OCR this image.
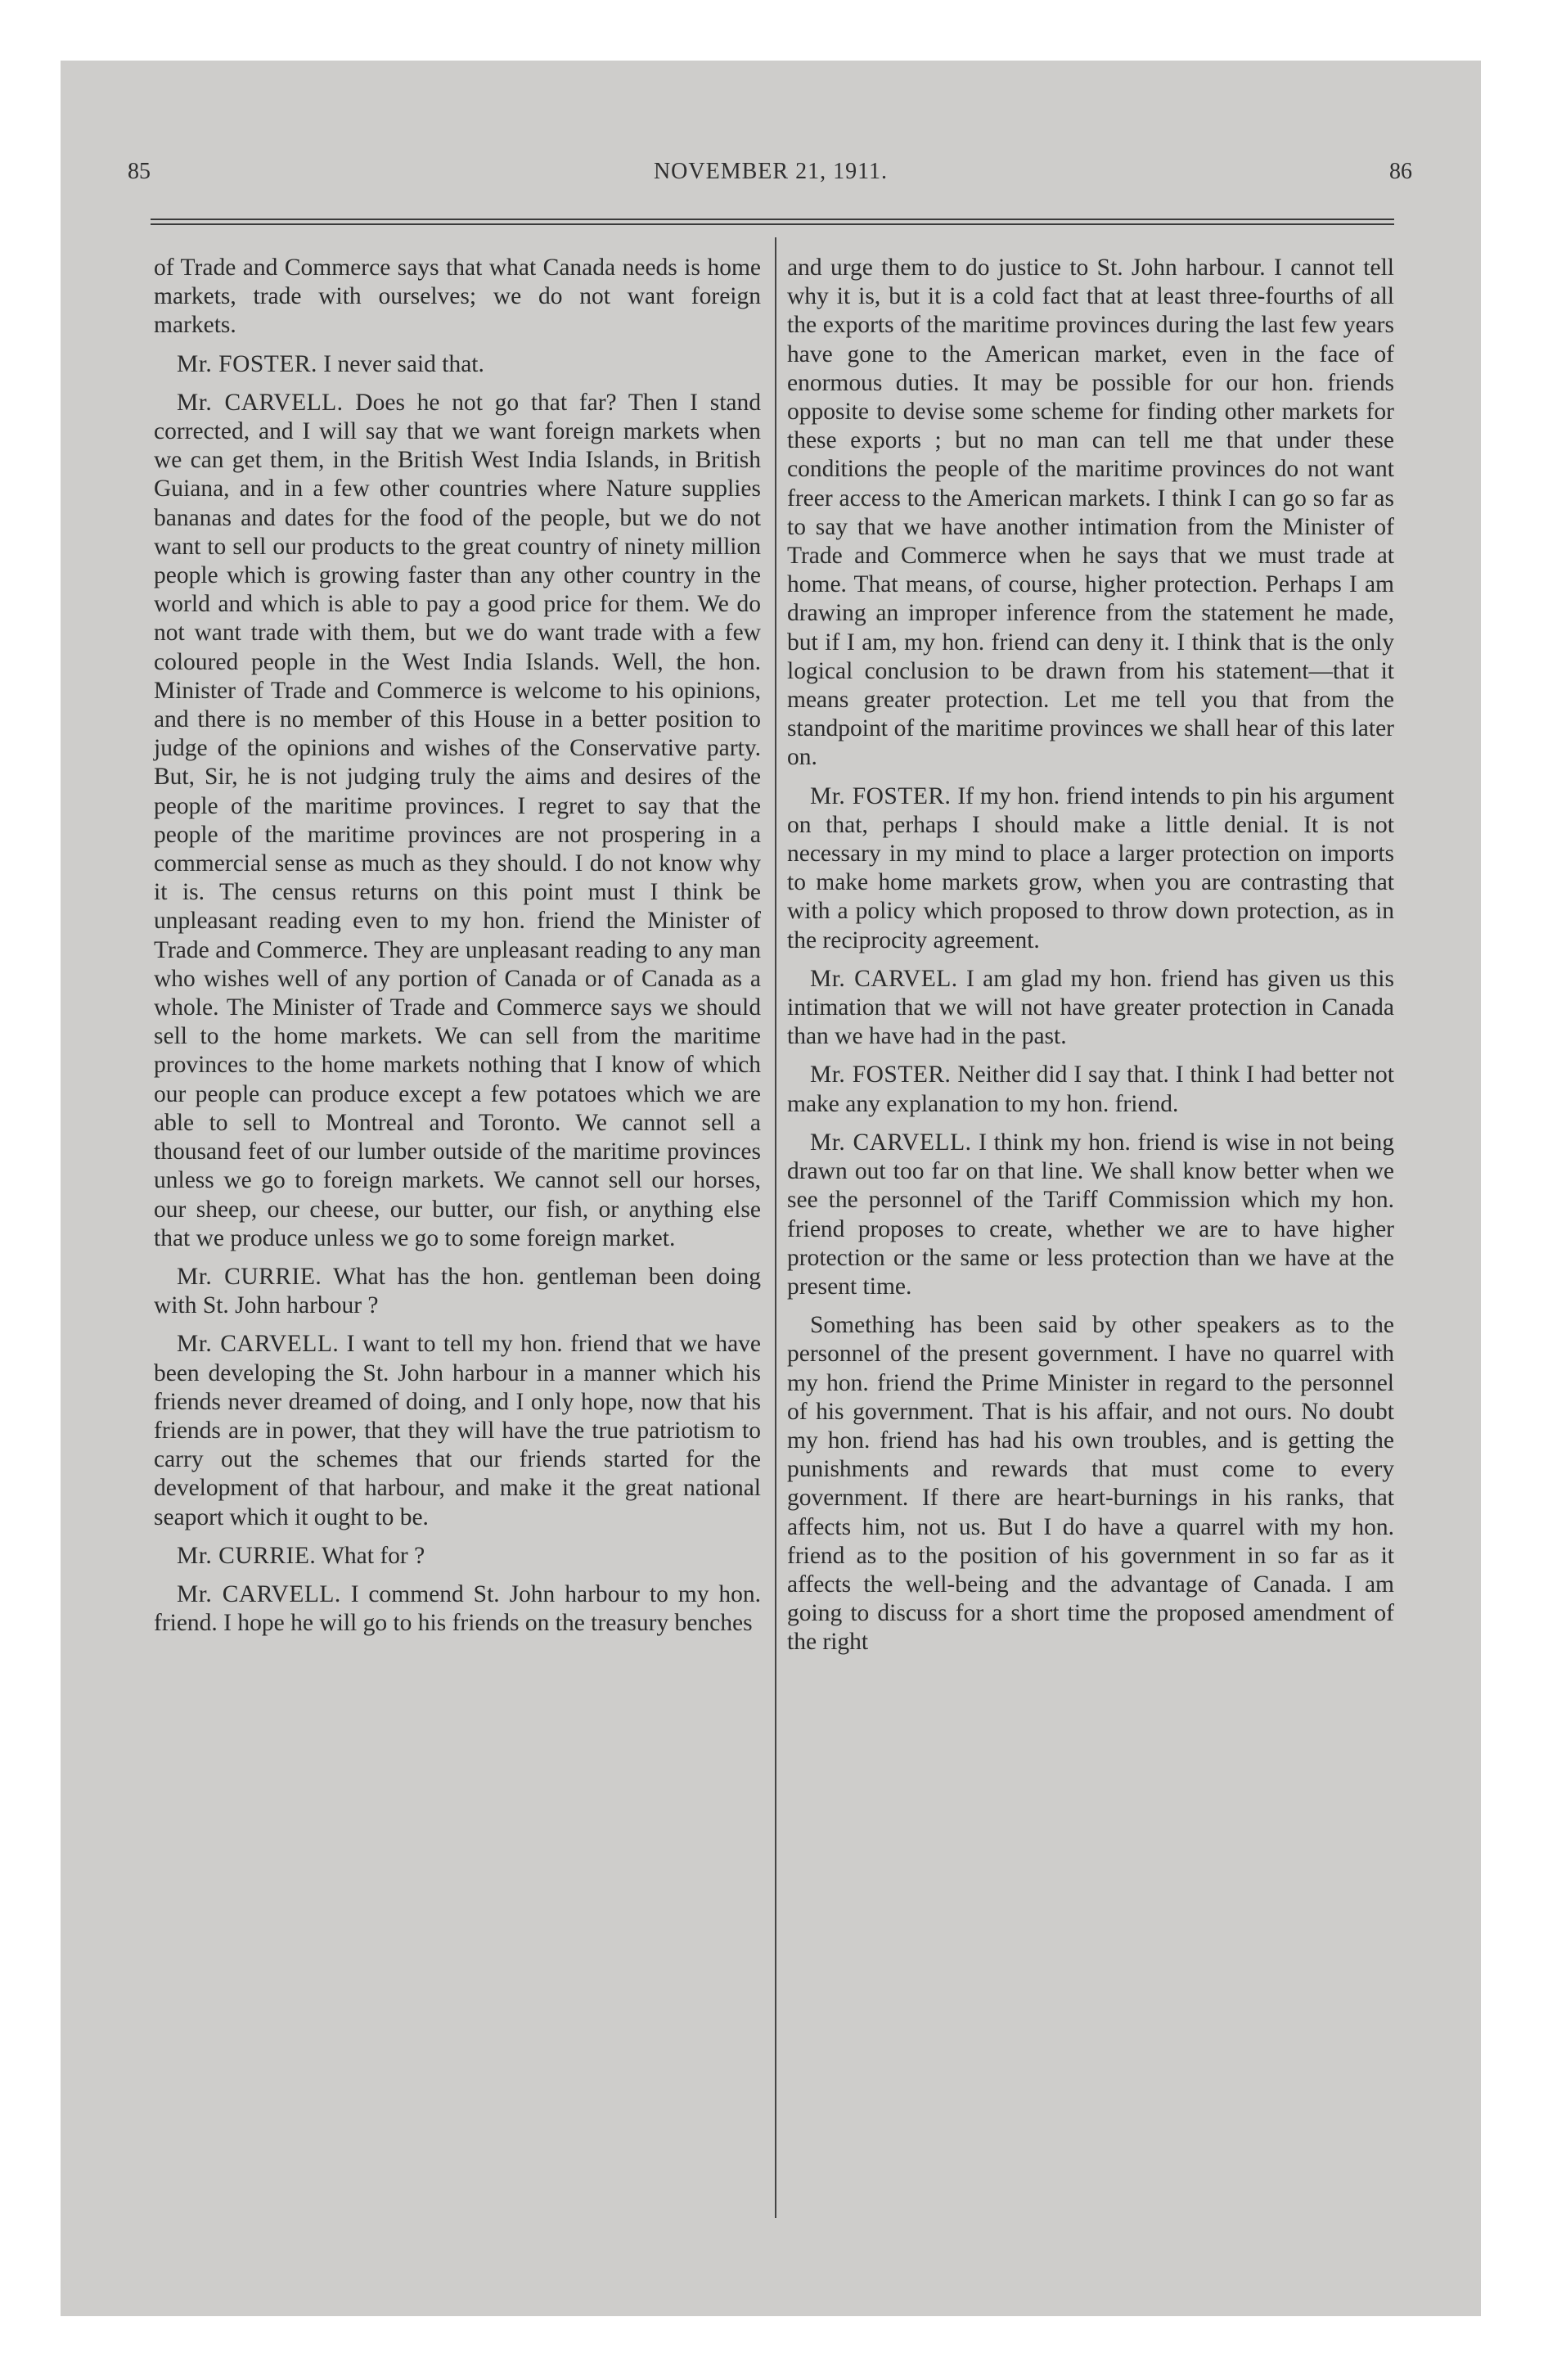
85	NOVEMBER 21, 1911.	86

of Trade and Commerce says that what Canada needs is home markets, trade with ourselves; we do not want foreign markets.

Mr. FOSTER. I never said that.

Mr. CARVELL. Does he not go that far? Then I stand corrected, and I will say that we want foreign markets when we can get them, in the British West India Islands, in British Guiana, and in a few other countries where Nature supplies bananas and dates for the food of the people, but we do not want to sell our products to the great country of ninety million people which is growing faster than any other country in the world and which is able to pay a good price for them. We do not want trade with them, but we do want trade with a few coloured people in the West India Islands. Well, the hon. Minister of Trade and Commerce is welcome to his opinions, and there is no member of this House in a better position to judge of the opinions and wishes of the Conservative party. But, Sir, he is not judging truly the aims and desires of the people of the maritime provinces. I regret to say that the people of the maritime provinces are not prospering in a commercial sense as much as they should. I do not know why it is. The census returns on this point must I think be unpleasant reading even to my hon. friend the Minister of Trade and Commerce. They are unpleasant reading to any man who wishes well of any portion of Canada or of Canada as a whole. The Minister of Trade and Commerce says we should sell to the home markets. We can sell from the maritime provinces to the home markets nothing that I know of which our people can produce except a few potatoes which we are able to sell to Montreal and Toronto. We cannot sell a thousand feet of our lumber outside of the maritime provinces unless we go to foreign markets. We cannot sell our horses, our sheep, our cheese, our butter, our fish, or anything else that we produce unless we go to some foreign market.

Mr. CURRIE. What has the hon. gentleman been doing with St. John harbour ?

Mr. CARVELL. I want to tell my hon. friend that we have been developing the St. John harbour in a manner which his friends never dreamed of doing, and I only hope, now that his friends are in power, that they will have the true patriotism to carry out the schemes that our friends started for the development of that harbour, and make it the great national seaport which it ought to be.

Mr. CURRIE. What for ?

Mr. CARVELL. I commend St. John harbour to my hon. friend. I hope he will go to his friends on the treasury benches

and urge them to do justice to St. John harbour. I cannot tell why it is, but it is a cold fact that at least three-fourths of all the exports of the maritime provinces during the last few years have gone to the American market, even in the face of enormous duties. It may be possible for our hon. friends opposite to devise some scheme for finding other markets for these exports ; but no man can tell me that under these conditions the people of the maritime provinces do not want freer access to the American markets. I think I can go so far as to say that we have another intimation from the Minister of Trade and Commerce when he says that we must trade at home. That means, of course, higher protection. Perhaps I am drawing an improper inference from the statement he made, but if I am, my hon. friend can deny it. I think that is the only logical conclusion to be drawn from his statement—that it means greater protection. Let me tell you that from the standpoint of the maritime provinces we shall hear of this later on.

Mr. FOSTER. If my hon. friend intends to pin his argument on that, perhaps I should make a little denial. It is not necessary in my mind to place a larger protection on imports to make home markets grow, when you are contrasting that with a policy which proposed to throw down protection, as in the reciprocity agreement.

Mr. CARVEL. I am glad my hon. friend has given us this intimation that we will not have greater protection in Canada than we have had in the past.

Mr. FOSTER. Neither did I say that. I think I had better not make any explanation to my hon. friend.

Mr. CARVELL. I think my hon. friend is wise in not being drawn out too far on that line. We shall know better when we see the personnel of the Tariff Commission which my hon. friend proposes to create, whether we are to have higher protection or the same or less protection than we have at the present time.

Something has been said by other speakers as to the personnel of the present government. I have no quarrel with my hon. friend the Prime Minister in regard to the personnel of his government. That is his affair, and not ours. No doubt my hon. friend has had his own troubles, and is getting the punishments and rewards that must come to every government. If there are heart-burnings in his ranks, that affects him, not us. But I do have a quarrel with my hon. friend as to the position of his government in so far as it affects the well-being and the advantage of Canada. I am going to discuss for a short time the proposed amendment of the right
